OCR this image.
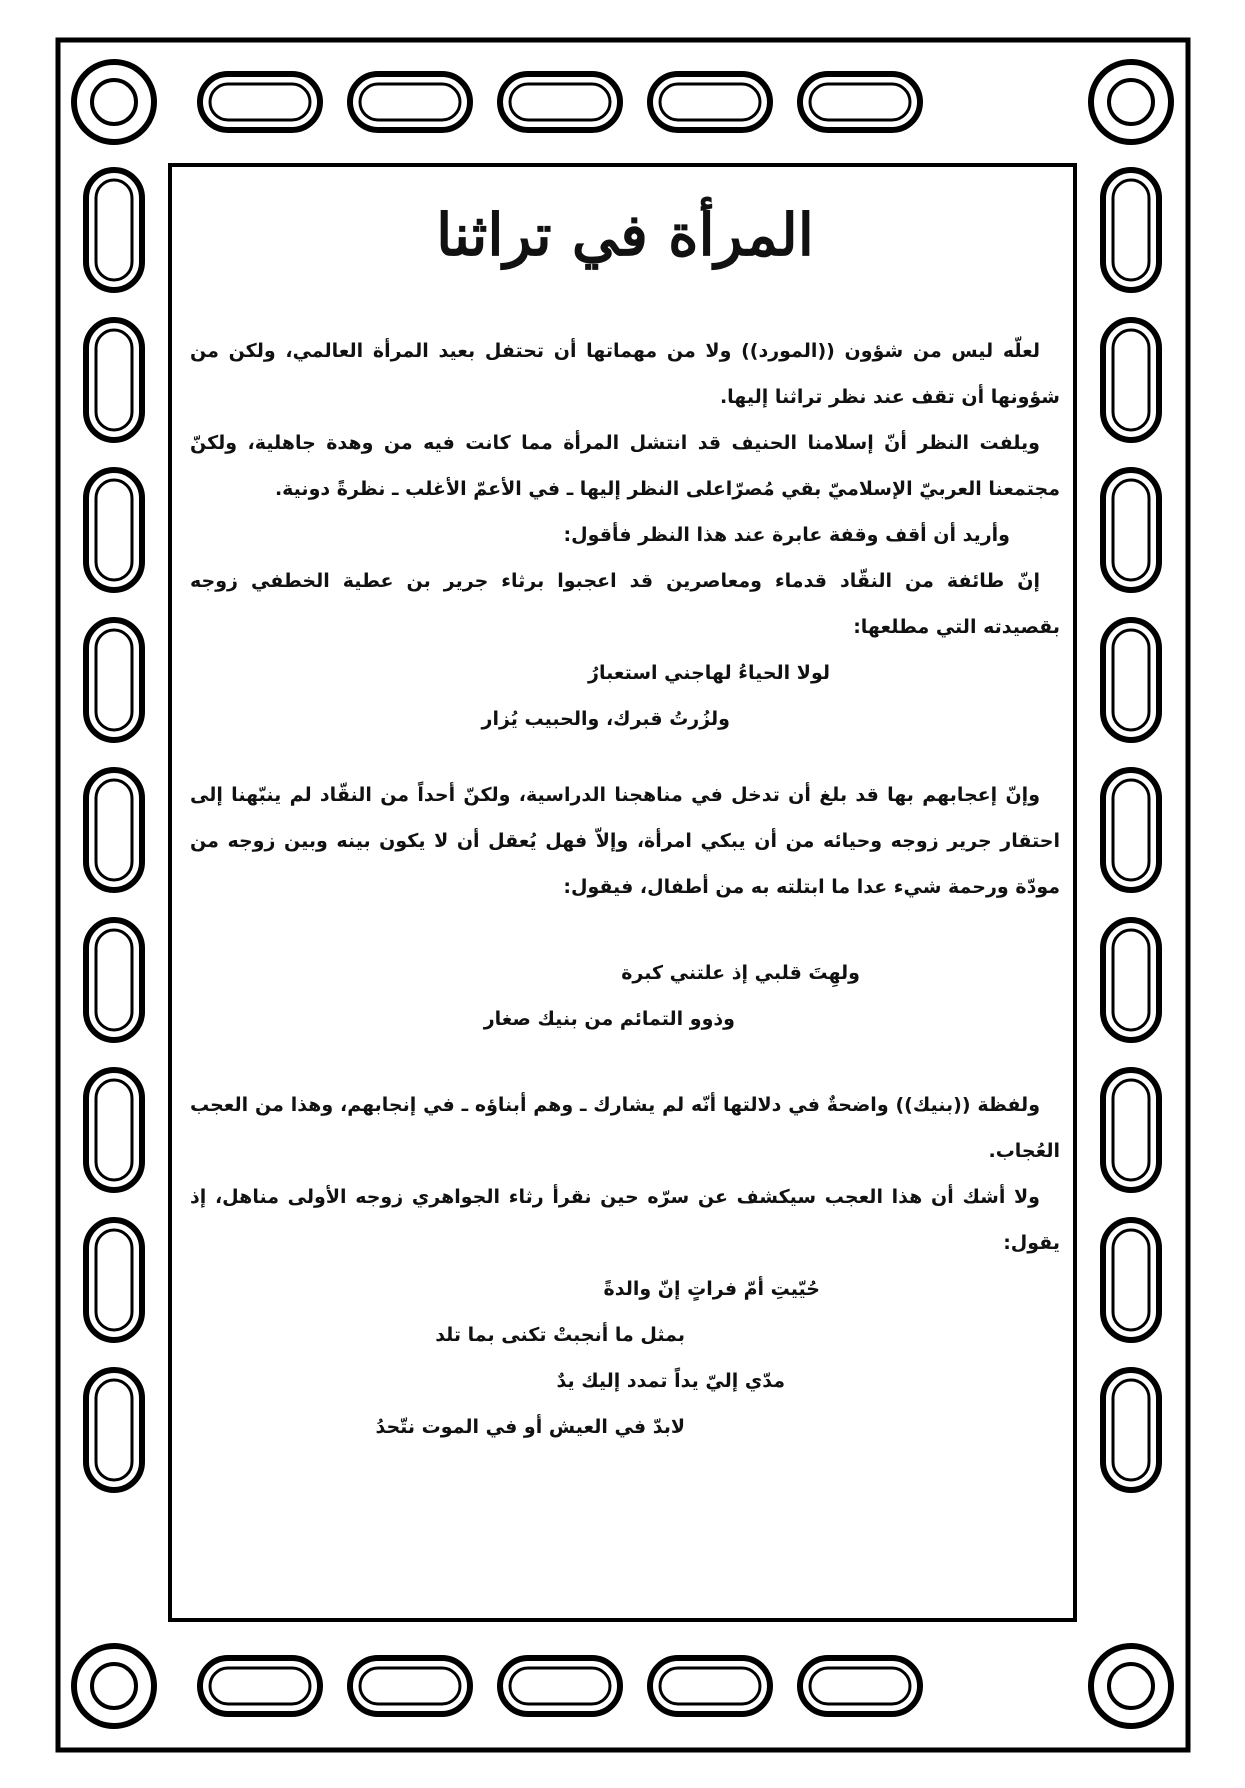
المرأة في تراثنا

لعلّه ليس من شؤون ((المورد)) ولا من مهماتها أن تحتفل بعيد المرأة العالمي، ولكن من شؤونها أن تقف عند نظر تراثنا إليها.

ويلفت النظر أنّ إسلامنا الحنيف قد انتشل المرأة مما كانت فيه من وهدة جاهلية، ولكنّ مجتمعنا العربيّ الإسلاميّ بقي مُصرّاعلى النظر إليها ـ في الأعمّ الأغلب ـ نظرةً دونية.

وأريد أن أقف وقفة عابرة عند هذا النظر فأقول:

إنّ طائفة من النقّاد قدماء ومعاصرين قد اعجبوا برثاء جرير بن عطية الخطفي زوجه بقصيدته التي مطلعها:

لولا الحياءُ لهاجني استعبارُ

ولزُرتُ قبرك، والحبيب يُزار

وإنّ إعجابهم بها قد بلغ أن تدخل في مناهجنا الدراسية، ولكنّ أحداً من النقّاد لم ينبّهنا إلى احتقار جرير زوجه وحيائه من أن يبكي امرأة، وإلاّ فهل يُعقل أن لا يكون بينه وبين زوجه من مودّة ورحمة شيء عدا ما ابتلته به من أطفال، فيقول:

ولهِتَ قلبي إذ علتني كبرة

وذوو التمائم من بنيك صغار

ولفظة ((بنيك)) واضحةٌ في دلالتها أنّه لم يشارك ـ وهم أبناؤه ـ في إنجابهم، وهذا من العجب العُجاب.

ولا أشك أن هذا العجب سيكشف عن سرّه حين نقرأ رثاء الجواهري زوجه الأولى مناهل، إذ يقول:

حُيّيتِ أمّ فراتٍ إنّ والدةً

بمثل ما أنجبتْ تكنى بما تلد

مدّي إليّ يداً تمدد إليك يدٌ

لابدّ في العيش أو في الموت نتّحدُ
